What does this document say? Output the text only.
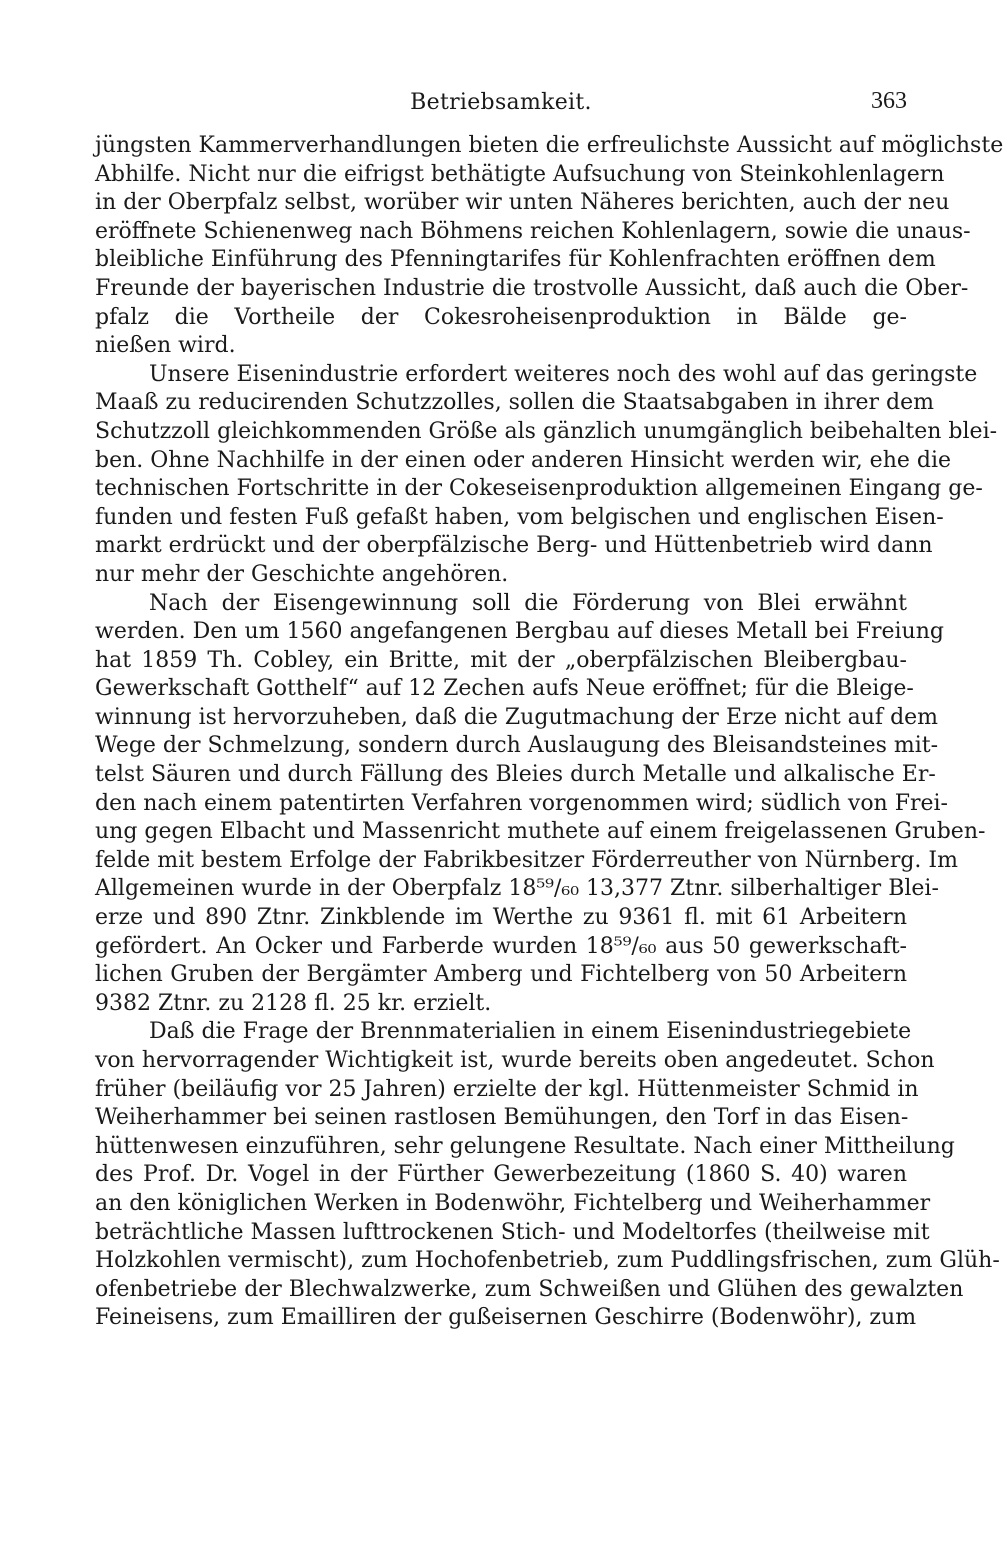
Betriebsamkeit.	363

jüngsten Kammerverhandlungen bieten die erfreulichste Aussicht auf möglichste
Abhilfe. Nicht nur die eifrigst bethätigte Aufsuchung von Steinkohlenlagern
in der Oberpfalz selbst, worüber wir unten Näheres berichten, auch der neu
eröffnete Schienenweg nach Böhmens reichen Kohlenlagern, sowie die unaus-
bleibliche Einführung des Pfenningtarifes für Kohlenfrachten eröffnen dem
Freunde der bayerischen Industrie die trostvolle Aussicht, daß auch die Ober-
pfalz die Vortheile der Cokesroheisenproduktion in Bälde ge-
nießen wird.

Unsere Eisenindustrie erfordert weiteres noch des wohl auf das geringste
Maaß zu reducirenden Schutzzolles, sollen die Staatsabgaben in ihrer dem
Schutzzoll gleichkommenden Größe als gänzlich unumgänglich beibehalten blei-
ben. Ohne Nachhilfe in der einen oder anderen Hinsicht werden wir, ehe die
technischen Fortschritte in der Cokeseisenproduktion allgemeinen Eingang ge-
funden und festen Fuß gefaßt haben, vom belgischen und englischen Eisen-
markt erdrückt und der oberpfälzische Berg- und Hüttenbetrieb wird dann
nur mehr der Geschichte angehören.

Nach der Eisengewinnung soll die Förderung von Blei erwähnt
werden. Den um 1560 angefangenen Bergbau auf dieses Metall bei Freiung
hat 1859 Th. Cobley, ein Britte, mit der „oberpfälzischen Bleibergbau-
Gewerkschaft Gotthelf“ auf 12 Zechen aufs Neue eröffnet; für die Bleige-
winnung ist hervorzuheben, daß die Zugutmachung der Erze nicht auf dem
Wege der Schmelzung, sondern durch Auslaugung des Bleisandsteines mit-
telst Säuren und durch Fällung des Bleies durch Metalle und alkalische Er-
den nach einem patentirten Verfahren vorgenommen wird; südlich von Frei-
ung gegen Elbacht und Massenricht muthete auf einem freigelassenen Gruben-
felde mit bestem Erfolge der Fabrikbesitzer Förderreuther von Nürnberg. Im
Allgemeinen wurde in der Oberpfalz 18⁵⁹/₆₀ 13,377 Ztnr. silberhaltiger Blei-
erze und 890 Ztnr. Zinkblende im Werthe zu 9361 fl. mit 61 Arbeitern
gefördert. An Ocker und Farberde wurden 18⁵⁹/₆₀ aus 50 gewerkschaft-
lichen Gruben der Bergämter Amberg und Fichtelberg von 50 Arbeitern
9382 Ztnr. zu 2128 fl. 25 kr. erzielt.

Daß die Frage der Brennmaterialien in einem Eisenindustriegebiete
von hervorragender Wichtigkeit ist, wurde bereits oben angedeutet. Schon
früher (beiläufig vor 25 Jahren) erzielte der kgl. Hüttenmeister Schmid in
Weiherhammer bei seinen rastlosen Bemühungen, den Torf in das Eisen-
hüttenwesen einzuführen, sehr gelungene Resultate. Nach einer Mittheilung
des Prof. Dr. Vogel in der Fürther Gewerbezeitung (1860 S. 40) waren
an den königlichen Werken in Bodenwöhr, Fichtelberg und Weiherhammer
beträchtliche Massen lufttrockenen Stich- und Modeltorfes (theilweise mit
Holzkohlen vermischt), zum Hochofenbetrieb, zum Puddlingsfrischen, zum Glüh-
ofenbetriebe der Blechwalzwerke, zum Schweißen und Glühen des gewalzten
Feineisens, zum Emailliren der gußeisernen Geschirre (Bodenwöhr), zum
